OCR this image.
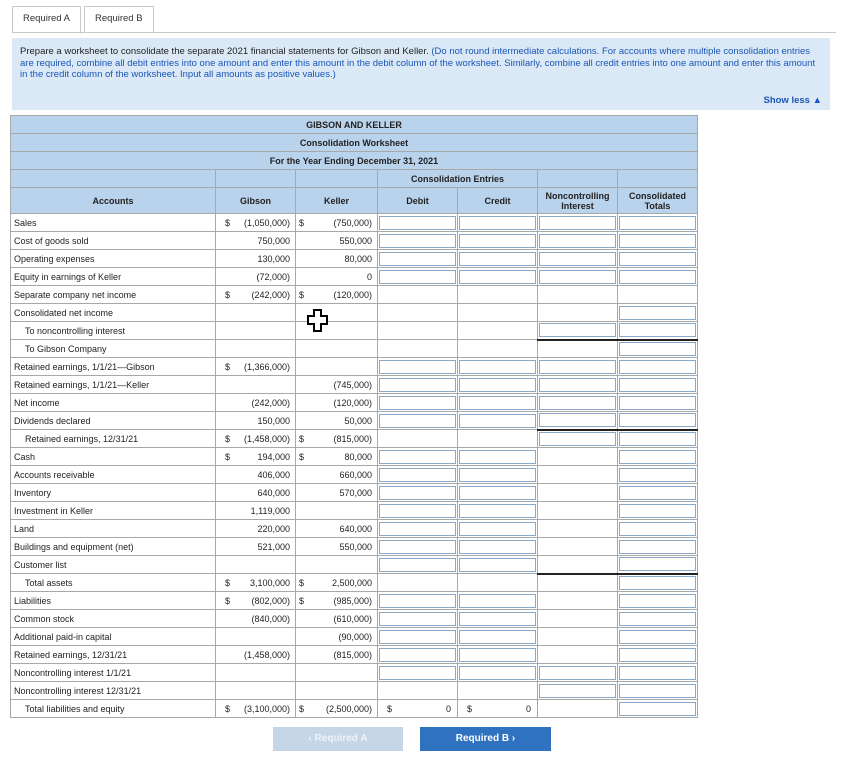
Required A	Required B
Prepare a worksheet to consolidate the separate 2021 financial statements for Gibson and Keller. (Do not round intermediate calculations. For accounts where multiple consolidation entries are required, combine all debit entries into one amount and enter this amount in the debit column of the worksheet. Similarly, combine all credit entries into one amount and enter this amount in the credit column of the worksheet. Input all amounts as positive values.)
Show less ▲
GIBSON AND KELLER						
Consolidation Worksheet						
For the Year Ending December 31, 2021						
			Consolidation Entries			
Accounts	Gibson	Keller	Debit	Credit	Noncontrolling Interest	Consolidated Totals
Sales	$ (1,050,000)	$ (750,000)	

Cost of goods sold	750,000	550,000	

Operating expenses	130,000	80,000	

Equity in earnings of Keller	(72,000)	0	

Separate company net income	$ (242,000)	$ (120,000)				
Consolidated net income	

To noncontrolling interest	

To Gibson Company	

Retained earnings, 1/1/21—Gibson	$ (1,366,000)	

Retained earnings, 1/1/21—Keller		(745,000)	

Net income	(242,000)	(120,000)	

Dividends declared	150,000	50,000	

Retained earnings, 12/31/21	$ (1,458,000)	$ (815,000)			

Cash	$ 194,000	$ 80,000	

Accounts receivable	406,000	660,000	

Inventory	640,000	570,000	

Investment in Keller	1,119,000	

Land	220,000	640,000	

Buildings and equipment (net)	521,000	550,000	

Customer list	

Total assets	$ 3,100,000	$ 2,500,000				

Liabilities	$ (802,000)	$ (985,000)	

Common stock	(840,000)	(610,000)	

Additional paid-in capital		(90,000)	

Retained earnings, 12/31/21	(1,458,000)	(815,000)	

Noncontrolling interest 1/1/21	

Noncontrolling interest 12/31/21	

Total liabilities and equity	$ (3,100,000)	$ (2,500,000)	$ 0	$ 0		
‹ Required A	Required B ›
